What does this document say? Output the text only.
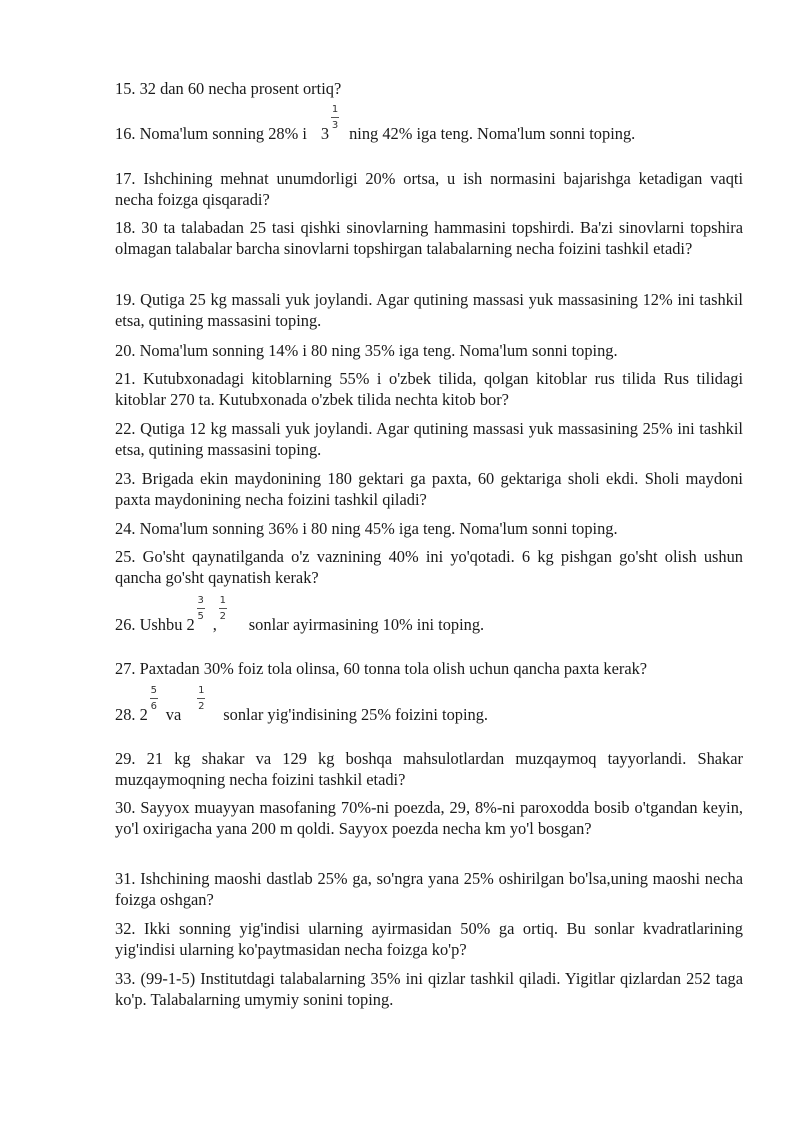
15. 32 dan 60 necha prosent ortiq?
16. Noma'lum sonning 28% i $3 \frac{1}{3}$ ning 42% iga teng. Noma'lum sonni toping.
17. Ishchining mehnat unumdorligi 20% ortsa, u ish normasini bajarishga ketadigan vaqti necha foizga qisqaradi?
18. 30 ta talabadan 25 tasi qishki sinovlarning hammasini topshirdi. Ba'zi sinovlarni topshira olmagan talabalar barcha sinovlarni topshirgan talabalarning necha foizini tashkil etadi?
19. Qutiga 25 kg massali yuk joylandi. Agar qutining massasi yuk massasining 12% ini tashkil etsa, qutining massasini toping.
20. Noma'lum sonning 14% i 80 ning 35% iga teng. Noma'lum sonni toping.
21. Kutubxonadagi kitoblarning 55% i o'zbek tilida, qolgan kitoblar rus tilida Rus tilidagi kitoblar 270 ta. Kutubxonada o'zbek tilida nechta kitob bor?
22. Qutiga 12 kg massali yuk joylandi. Agar qutining massasi yuk massasining 25% ini tashkil etsa, qutining massasini toping.
23. Brigada ekin maydonining 180 gektari ga paxta, 60 gektariga sholi ekdi. Sholi maydoni paxta maydonining necha foizini tashkil qiladi?
24. Noma'lum sonning 36% i 80 ning 45% iga teng. Noma'lum sonni toping.
25. Go'sht qaynatilganda o'z vaznining 40% ini yo'qotadi. 6 kg pishgan go'sht olish ushun qancha go'sht qaynatish kerak?
26. Ushbu $2 \frac{3}{5}$ , $\frac{1}{2}$ sonlar ayirmasining 10% ini toping.
27. Paxtadan 30% foiz tola olinsa, 60 tonna tola olish uchun qancha paxta kerak?
28. $2 \frac{5}{6}$ va $\frac{1}{2}$ sonlar yig'indisining 25% foizini toping.
29. 21 kg shakar va 129 kg boshqa mahsulotlardan muzqaymoq tayyorlandi. Shakar muzqaymoqning necha foizini tashkil etadi?
30. Sayyox muayyan masofaning 70%-ni poezda, 29, 8%-ni paroxodda bosib o'tgandan keyin, yo'l oxirigacha yana 200 m qoldi. Sayyox poezda necha km yo'l bosgan?
31. Ishchining maoshi dastlab 25% ga, so'ngra yana 25% oshirilgan bo'lsa,uning maoshi necha foizga oshgan?
32. Ikki sonning yig'indisi ularning ayirmasidan 50% ga ortiq. Bu sonlar kvadratlarining yig'indisi ularning ko'paytmasidan necha foizga ko'p?
33. (99-1-5) Institutdagi talabalarning 35% ini qizlar tashkil qiladi. Yigitlar qizlardan 252 taga ko'p. Talabalarning umymiy sonini toping.
